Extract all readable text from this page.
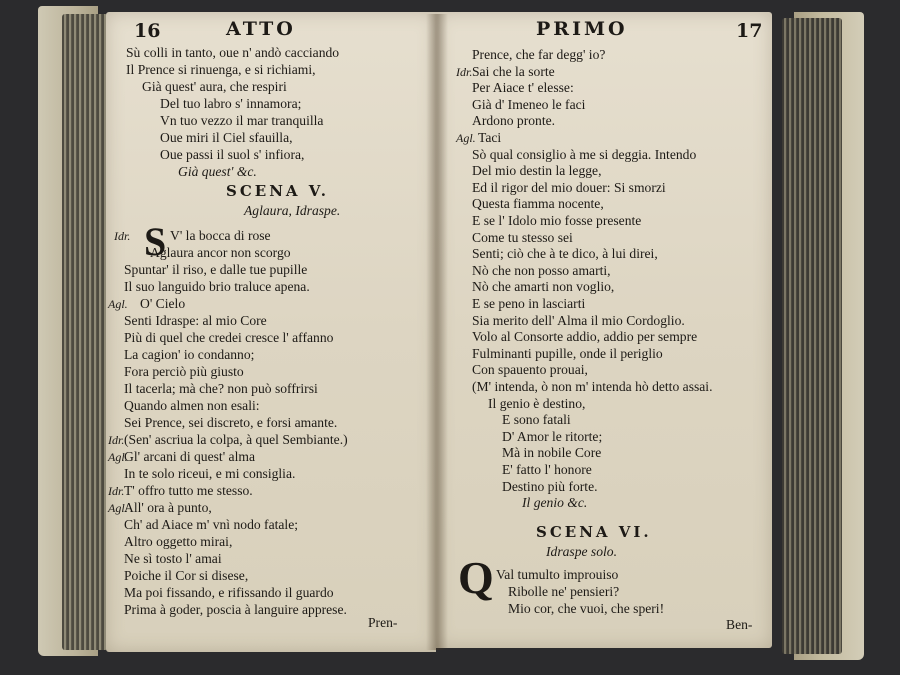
16	ATTO
Sù colli in tanto, oue n' andò cacciando
Il Prence si rinuenga, e si richiami,
Già quest' aura, che respiri
Del tuo labro s' innamora;
Vn tuo vezzo il mar tranquilla
Oue miri il Ciel sfauilla,
Oue passi il suol s' infiora,
Già quest' &c.
SCENA V.
Aglaura, Idraspe.
Idr. S V' la bocca di rose
Aglaura ancor non scorgo
Spuntar' il riso, e dalle tue pupille
Il suo languido brio traluce apena.
Agl. O' Cielo
Senti Idraspe: al mio Core
Più di quel che credei cresce l' affanno
La cagion' io condanno;
Fora perciò più giusto
Il tacerla; mà che? non può soffrirsi
Quando almen non esali:
Sei Prence, sei discreto, e forsi amante.
Idr. (Sen' ascriua la colpa, à quel Sembiante.)
Agl.
Gl' arcani di quest' alma
In te solo riceui, e mi consiglia.
Idr. T' offro tutto me stesso.
Agl.
All' ora à punto,
Ch' ad Aiace m' vnì nodo fatale;
Altro oggetto mirai,
Ne sì tosto l' amai
Poiche il Cor si disese,
Ma poi fissando, e rifissando il guardo
Prima à goder, poscia à languire apprese.
Pren-
PRIMO	17
Prence, che far degg' io?
Idr. Sai che la sorte
Per Aiace t' elesse:
Già d' Imeneo le faci
Ardono pronte.
Agl. Taci
Sò qual consiglio à me si deggia. Intendo
Del mio destin la legge,
Ed il rigor del mio douer: Si smorzi
Questa fiamma nocente,
E se l' Idolo mio fosse presente
Come tu stesso sei
Senti; ciò che à te dico, à lui direi,
Nò che non posso amarti,
Nò che amarti non voglio,
E se peno in lasciarti
Sia merito dell' Alma il mio Cordoglio.
Volo al Consorte addio, addio per sempre
Fulminanti pupille, onde il periglio
Con spauento prouai,
(M' intenda, ò non m' intenda hò detto assai.
Il genio è destino,
E sono fatali
D' Amor le ritorte;
Mà in nobile Core
E' fatto l' honore
Destino più forte.
Il genio &c.
SCENA VI.
Idraspe solo.
Q Val tumulto improuiso
Ribolle ne' pensieri?
Mio cor, che vuoi, che speri!
Ben-
